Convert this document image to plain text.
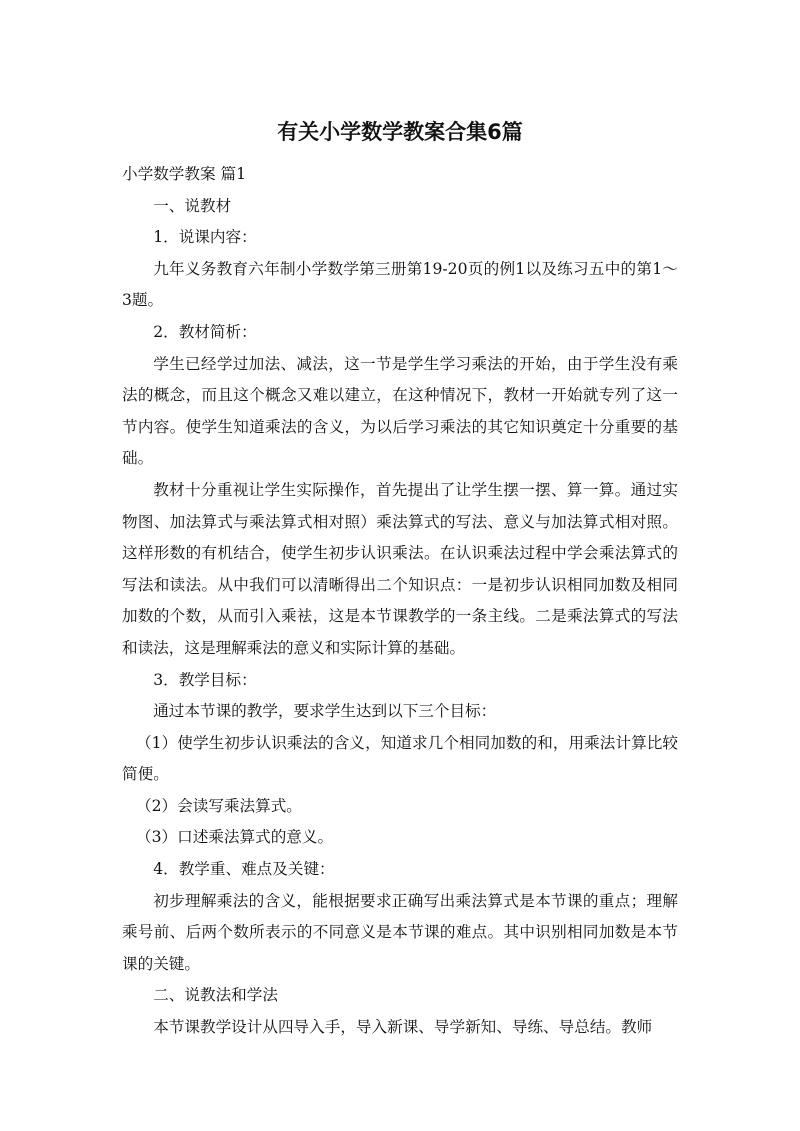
有关小学数学教案合集6篇

小学数学教案 篇1

一、说教材

1．说课内容：

九年义务教育六年制小学数学第三册第19-20页的例1以及练习五中的第1～3题。

2．教材简析：

学生已经学过加法、减法，这一节是学生学习乘法的开始，由于学生没有乘法的概念，而且这个概念又难以建立，在这种情况下，教材一开始就专列了这一节内容。使学生知道乘法的含义，为以后学习乘法的其它知识奠定十分重要的基础。

教材十分重视让学生实际操作，首先提出了让学生摆一摆、算一算。通过实物图、加法算式与乘法算式相对照）乘法算式的写法、意义与加法算式相对照。这样形数的有机结合，使学生初步认识乘法。在认识乘法过程中学会乘法算式的写法和读法。从中我们可以清晰得出二个知识点：一是初步认识相同加数及相同加数的个数，从而引入乘袪，这是本节课教学的一条主线。二是乘法算式的写法和读法，这是理解乘法的意义和实际计算的基础。

3．教学目标：

通过本节课的教学，要求学生达到以下三个目标：

（1）使学生初步认识乘法的含义，知道求几个相同加数的和，用乘法计算比较简便。

（2）会读写乘法算式。

（3）口述乘法算式的意义。

4．教学重、难点及关键：

初步理解乘法的含义，能根据要求正确写出乘法算式是本节课的重点；理解乘号前、后两个数所表示的不同意义是本节课的难点。其中识别相同加数是本节课的关键。

二、说教法和学法

本节课教学设计从四导入手，导入新课、导学新知、导练、导总结。教师
